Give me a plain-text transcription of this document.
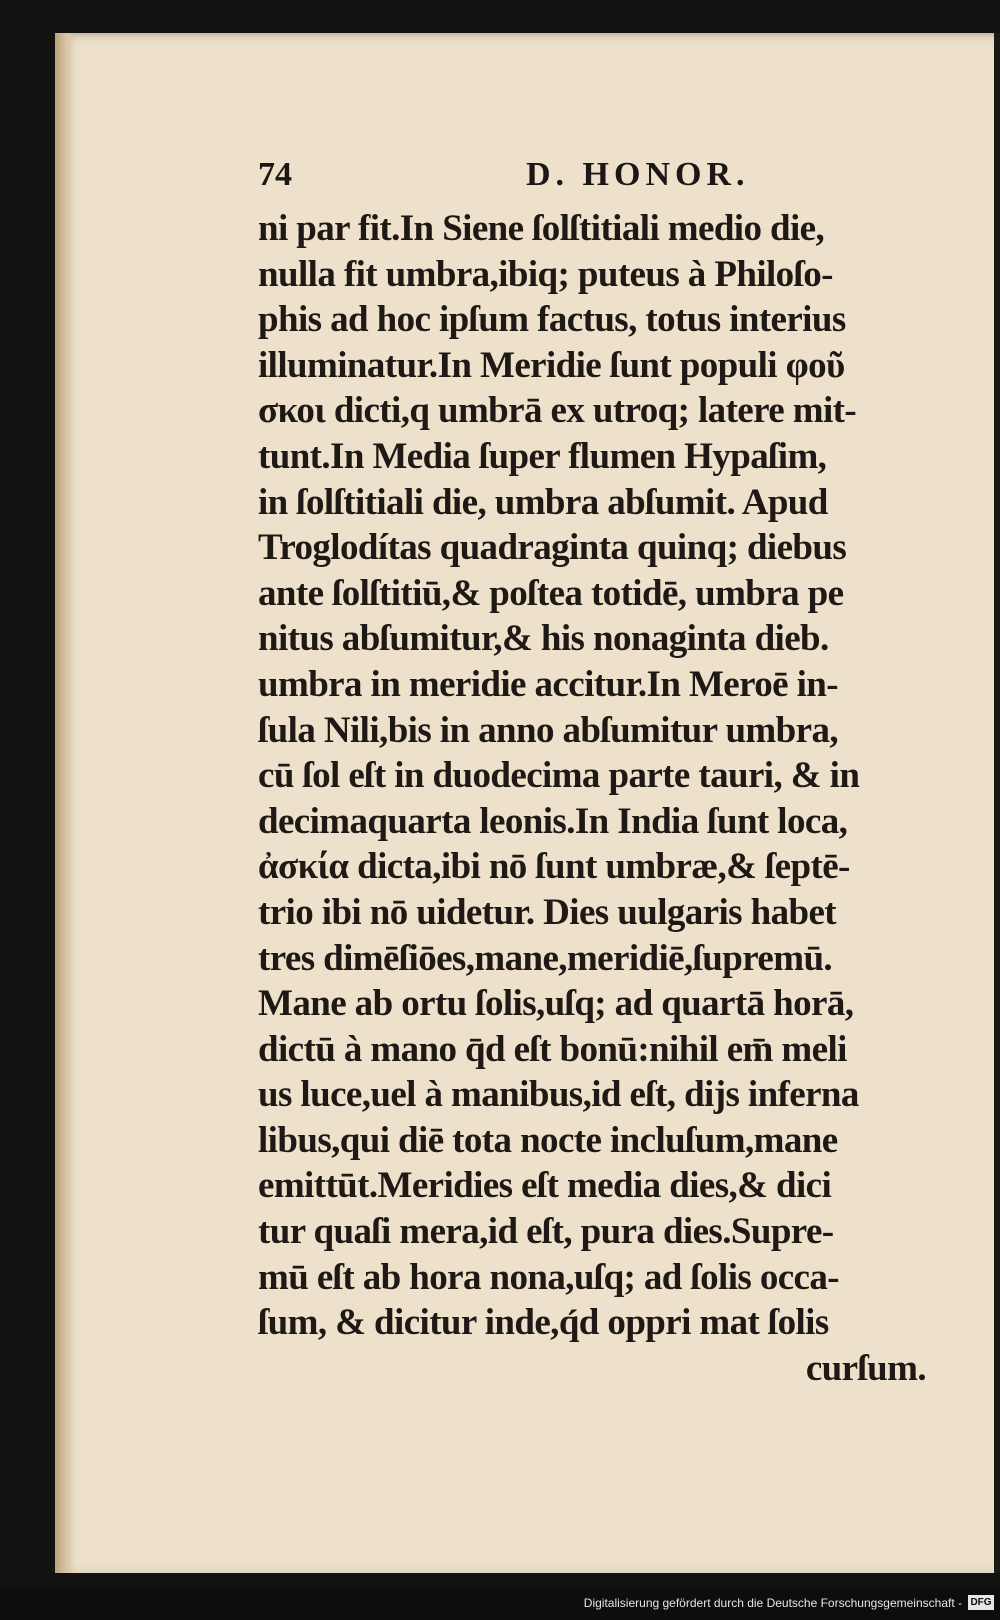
74	D. HONOR.
ni par fit.In Siene ſolſtitiali medio die,
nulla fit umbra,ibiq; puteus à Philoſo-
phis ad hoc ipſum factus, totus interius
illuminatur.In Meridie ſunt populi φοῦ
σκοι dicti,q umbrā ex utroq; latere mit-
tunt.In Media ſuper flumen Hypaſim,
in ſolſtitiali die, umbra abſumit. Apud
Troglodítas quadraginta quinq; diebus
ante ſolſtitiū,& poſtea totidē, umbra pe
nitus abſumitur,& his nonaginta dieb.
umbra in meridie accitur.In Meroē in-
ſula Nili,bis in anno abſumitur umbra,
cū ſol eſt in duodecima parte tauri, & in
decimaquarta leonis.In India ſunt loca,
ἀσκία dicta,ibi nō ſunt umbræ,& ſeptē-
trio ibi nō uidetur. Dies uulgaris habet
tres dimēſiōes,mane,meridiē,ſupremū.
Mane ab ortu ſolis,uſq; ad quartā horā,
dictū à mano q̄d eſt bonū:nihil em̄ meli
us luce,uel à manibus,id eſt, dijs inferna
libus,qui diē tota nocte incluſum,mane
emittūt.Meridies eſt media dies,& dici
tur quaſi mera,id eſt, pura dies.Supre-
mū eſt ab hora nona,uſq; ad ſolis occa-
ſum, & dicitur inde,q́d oppri mat ſolis
curſum.
Digitalisierung gefördert durch die Deutsche Forschungsgemeinschaft - DFG
